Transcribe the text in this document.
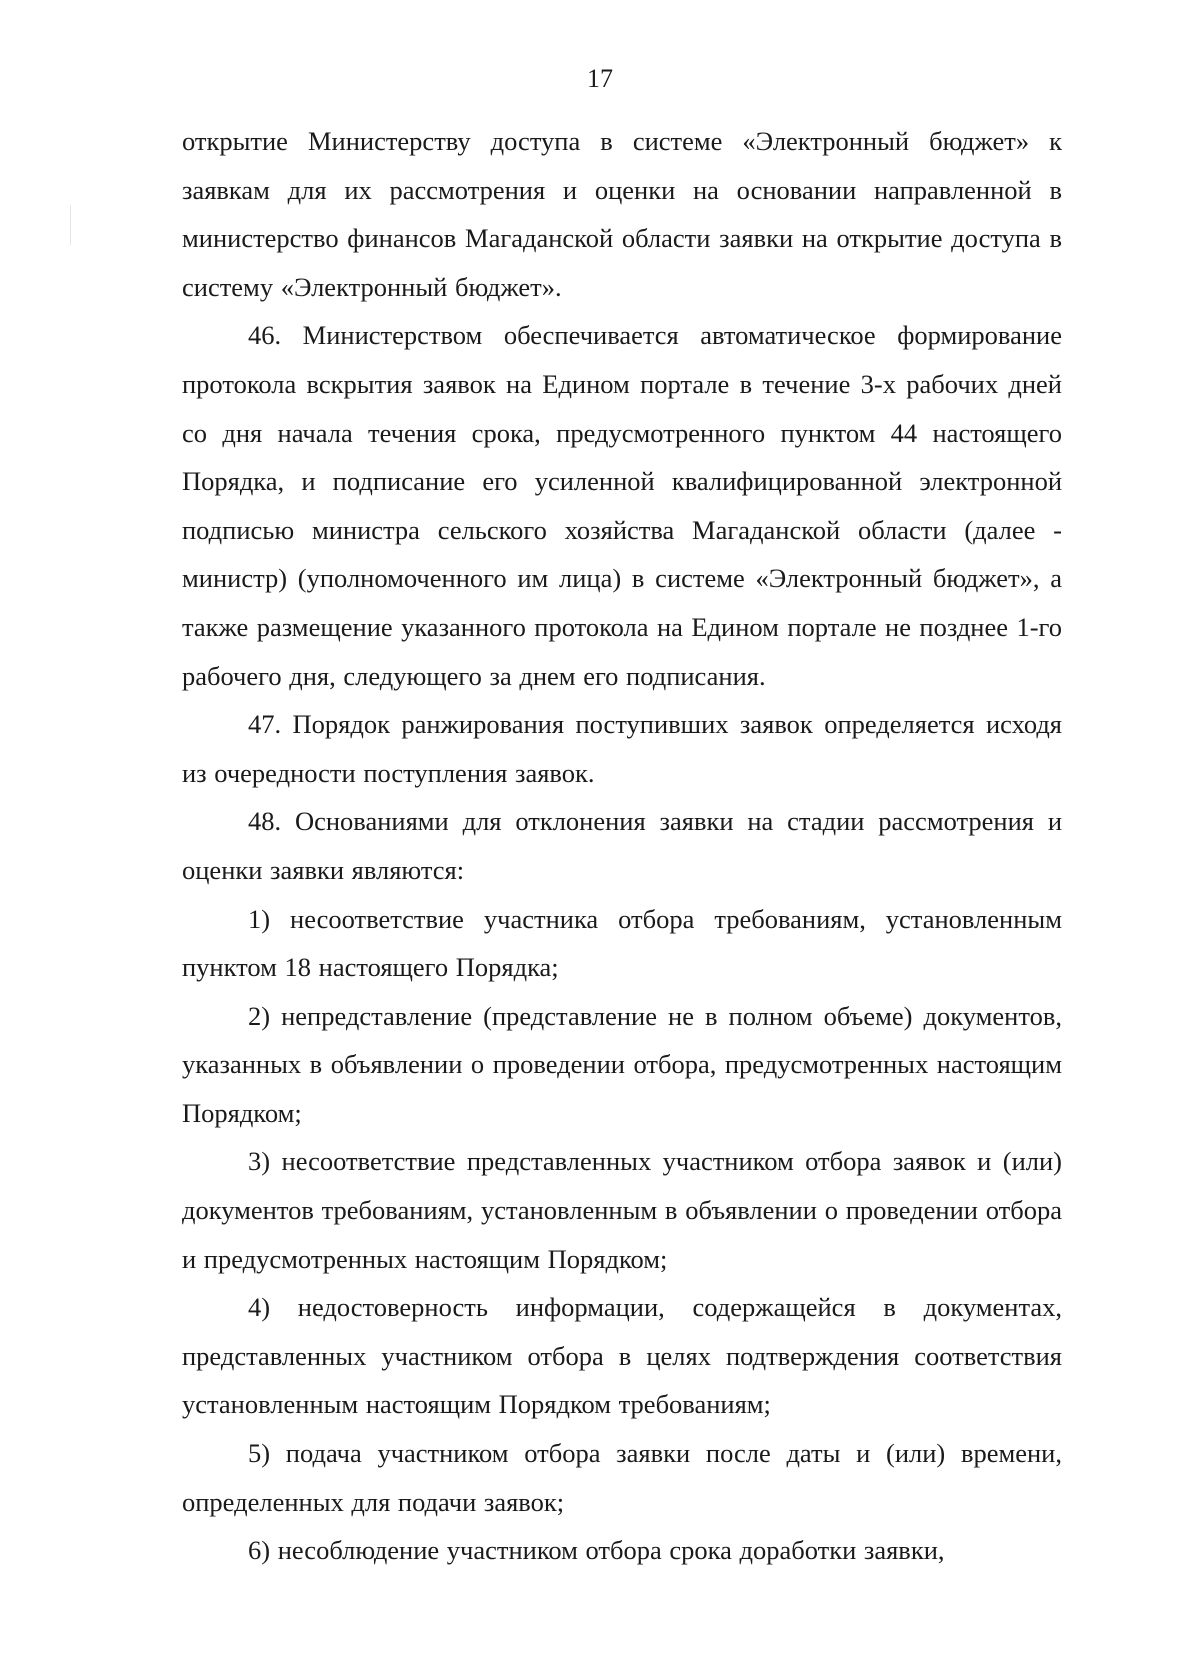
17

открытие Министерству доступа в системе «Электронный бюджет» к заявкам для их рассмотрения и оценки на основании направленной в министерство финансов Магаданской области заявки на открытие доступа в систему «Электронный бюджет».

46. Министерством обеспечивается автоматическое формирование протокола вскрытия заявок на Едином портале в течение 3-х рабочих дней со дня начала течения срока, предусмотренного пунктом 44 настоящего Порядка, и подписание его усиленной квалифицированной электронной подписью министра сельского хозяйства Магаданской области (далее - министр) (уполномоченного им лица) в системе «Электронный бюджет», а также размещение указанного протокола на Едином портале не позднее 1-го рабочего дня, следующего за днем его подписания.

47. Порядок ранжирования поступивших заявок определяется исходя из очередности поступления заявок.

48. Основаниями для отклонения заявки на стадии рассмотрения и оценки заявки являются:

1) несоответствие участника отбора требованиям, установленным пунктом 18 настоящего Порядка;

2) непредставление (представление не в полном объеме) документов, указанных в объявлении о проведении отбора, предусмотренных настоящим Порядком;

3) несоответствие представленных участником отбора заявок и (или) документов требованиям, установленным в объявлении о проведении отбора и предусмотренных настоящим Порядком;

4) недостоверность информации, содержащейся в документах, представленных участником отбора в целях подтверждения соответствия установленным настоящим Порядком требованиям;

5) подача участником отбора заявки после даты и (или) времени, определенных для подачи заявок;

6) несоблюдение участником отбора срока доработки заявки,
